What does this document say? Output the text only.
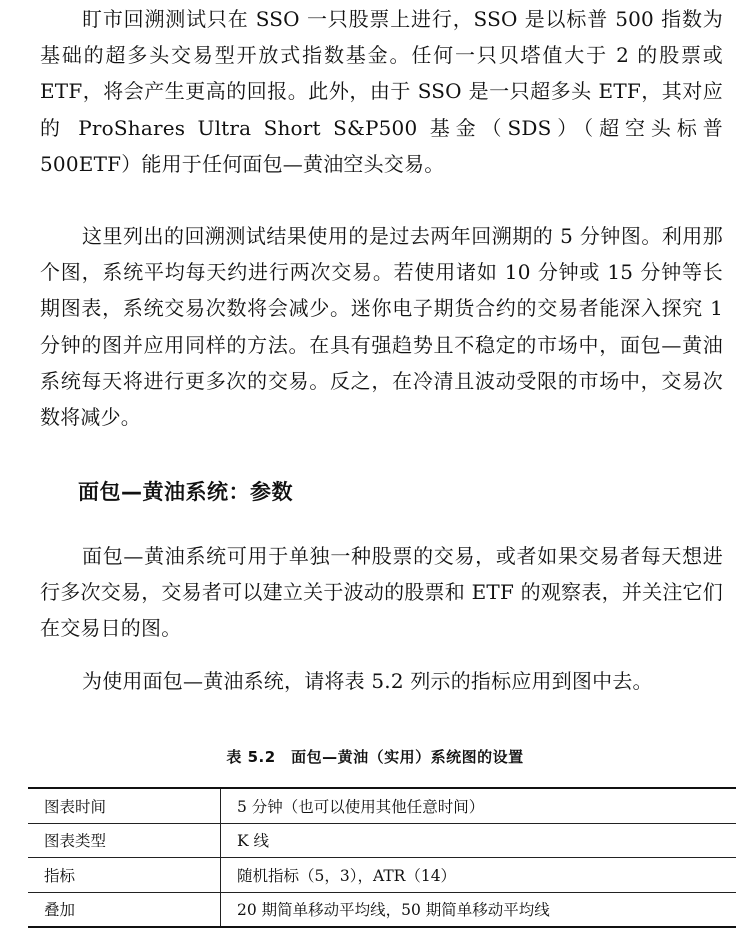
盯市回溯测试只在 SSO 一只股票上进行，SSO 是以标普 500 指数为基础的超多头交易型开放式指数基金。任何一只贝塔值大于 2 的股票或 ETF，将会产生更高的回报。此外，由于 SSO 是一只超多头 ETF，其对应的 ProShares Ultra Short S&P500 基金（SDS）（超空头标普 500ETF）能用于任何面包—黄油空头交易。

这里列出的回溯测试结果使用的是过去两年回溯期的 5 分钟图。利用那个图，系统平均每天约进行两次交易。若使用诸如 10 分钟或 15 分钟等长期图表，系统交易次数将会减少。迷你电子期货合约的交易者能深入探究 1 分钟的图并应用同样的方法。在具有强趋势且不稳定的市场中，面包—黄油系统每天将进行更多次的交易。反之，在冷清且波动受限的市场中，交易次数将减少。

面包—黄油系统：参数

面包—黄油系统可用于单独一种股票的交易，或者如果交易者每天想进行多次交易，交易者可以建立关于波动的股票和 ETF 的观察表，并关注它们在交易日的图。

为使用面包—黄油系统，请将表 5.2 列示的指标应用到图中去。

表 5.2　面包—黄油（实用）系统图的设置
图表时间	5 分钟（也可以使用其他任意时间）
图表类型	K 线
指标	随机指标（5，3），ATR（14）
叠加	20 期简单移动平均线，50 期简单移动平均线
